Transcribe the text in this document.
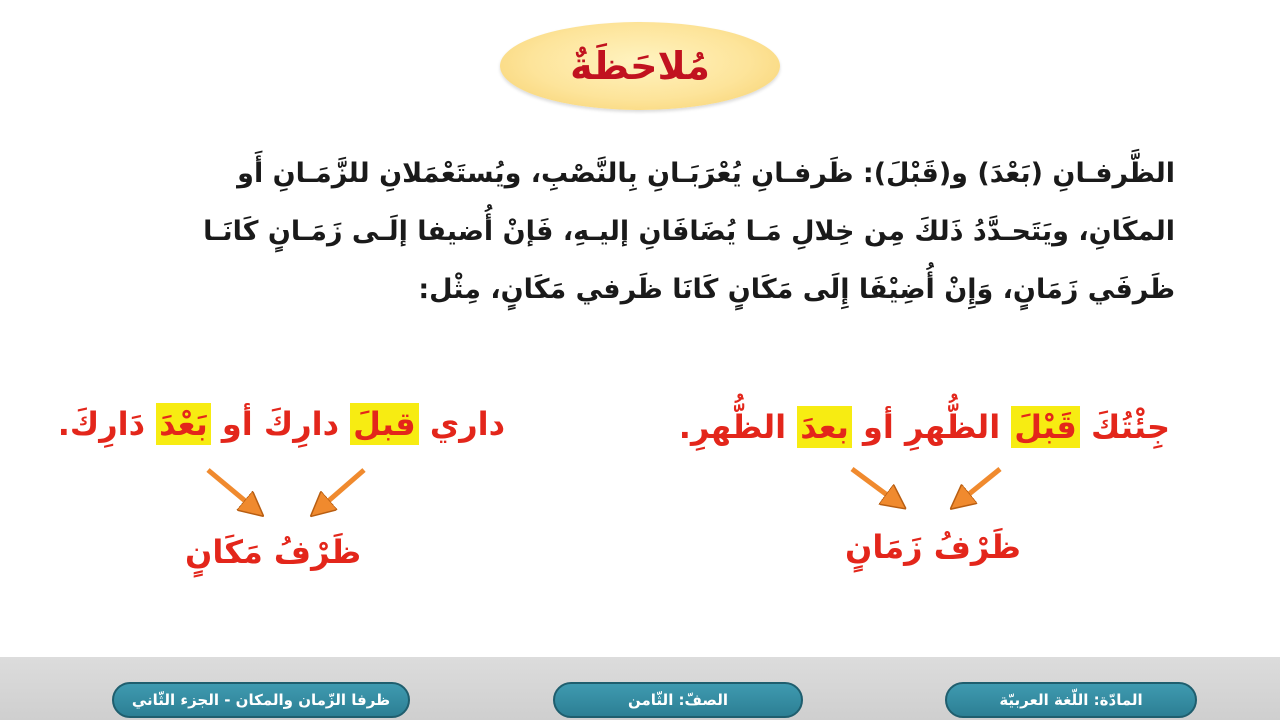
مُلاحَظَةٌ
الظَّرفـانِ (بَعْدَ) و(قَبْلَ): ظَرفـانِ يُعْرَبَـانِ بِالنَّصْبِ، ويُستَعْمَلانِ للزَّمَـانِ أَو
المكَانِ، ويَتَحـدَّدُ ذَلكَ مِن خِلالِ مَـا يُضَافَانِ إليـهِ، فَإنْ أُضيفا إلَـى زَمَـانٍ كَانَـا
ظَرفَي زَمَانٍ، وَإِنْ أُضِيْفَا إِلَى مَكَانٍ كَانَا ظَرفي مَكَانٍ، مِثْل:
جِئْتُكَ قَبْلَ الظُّهرِ أو بعدَ الظُّهرِ.
داري قبلَ دارِكَ أو بَعْدَ دَارِكَ.
ظَرْفُ زَمَانٍ
ظَرْفُ مَكَانٍ
المادّة: اللّغة العربيّة
الصفّ: الثّامن
ظرفا الزّمان والمكان - الجزء الثّاني
